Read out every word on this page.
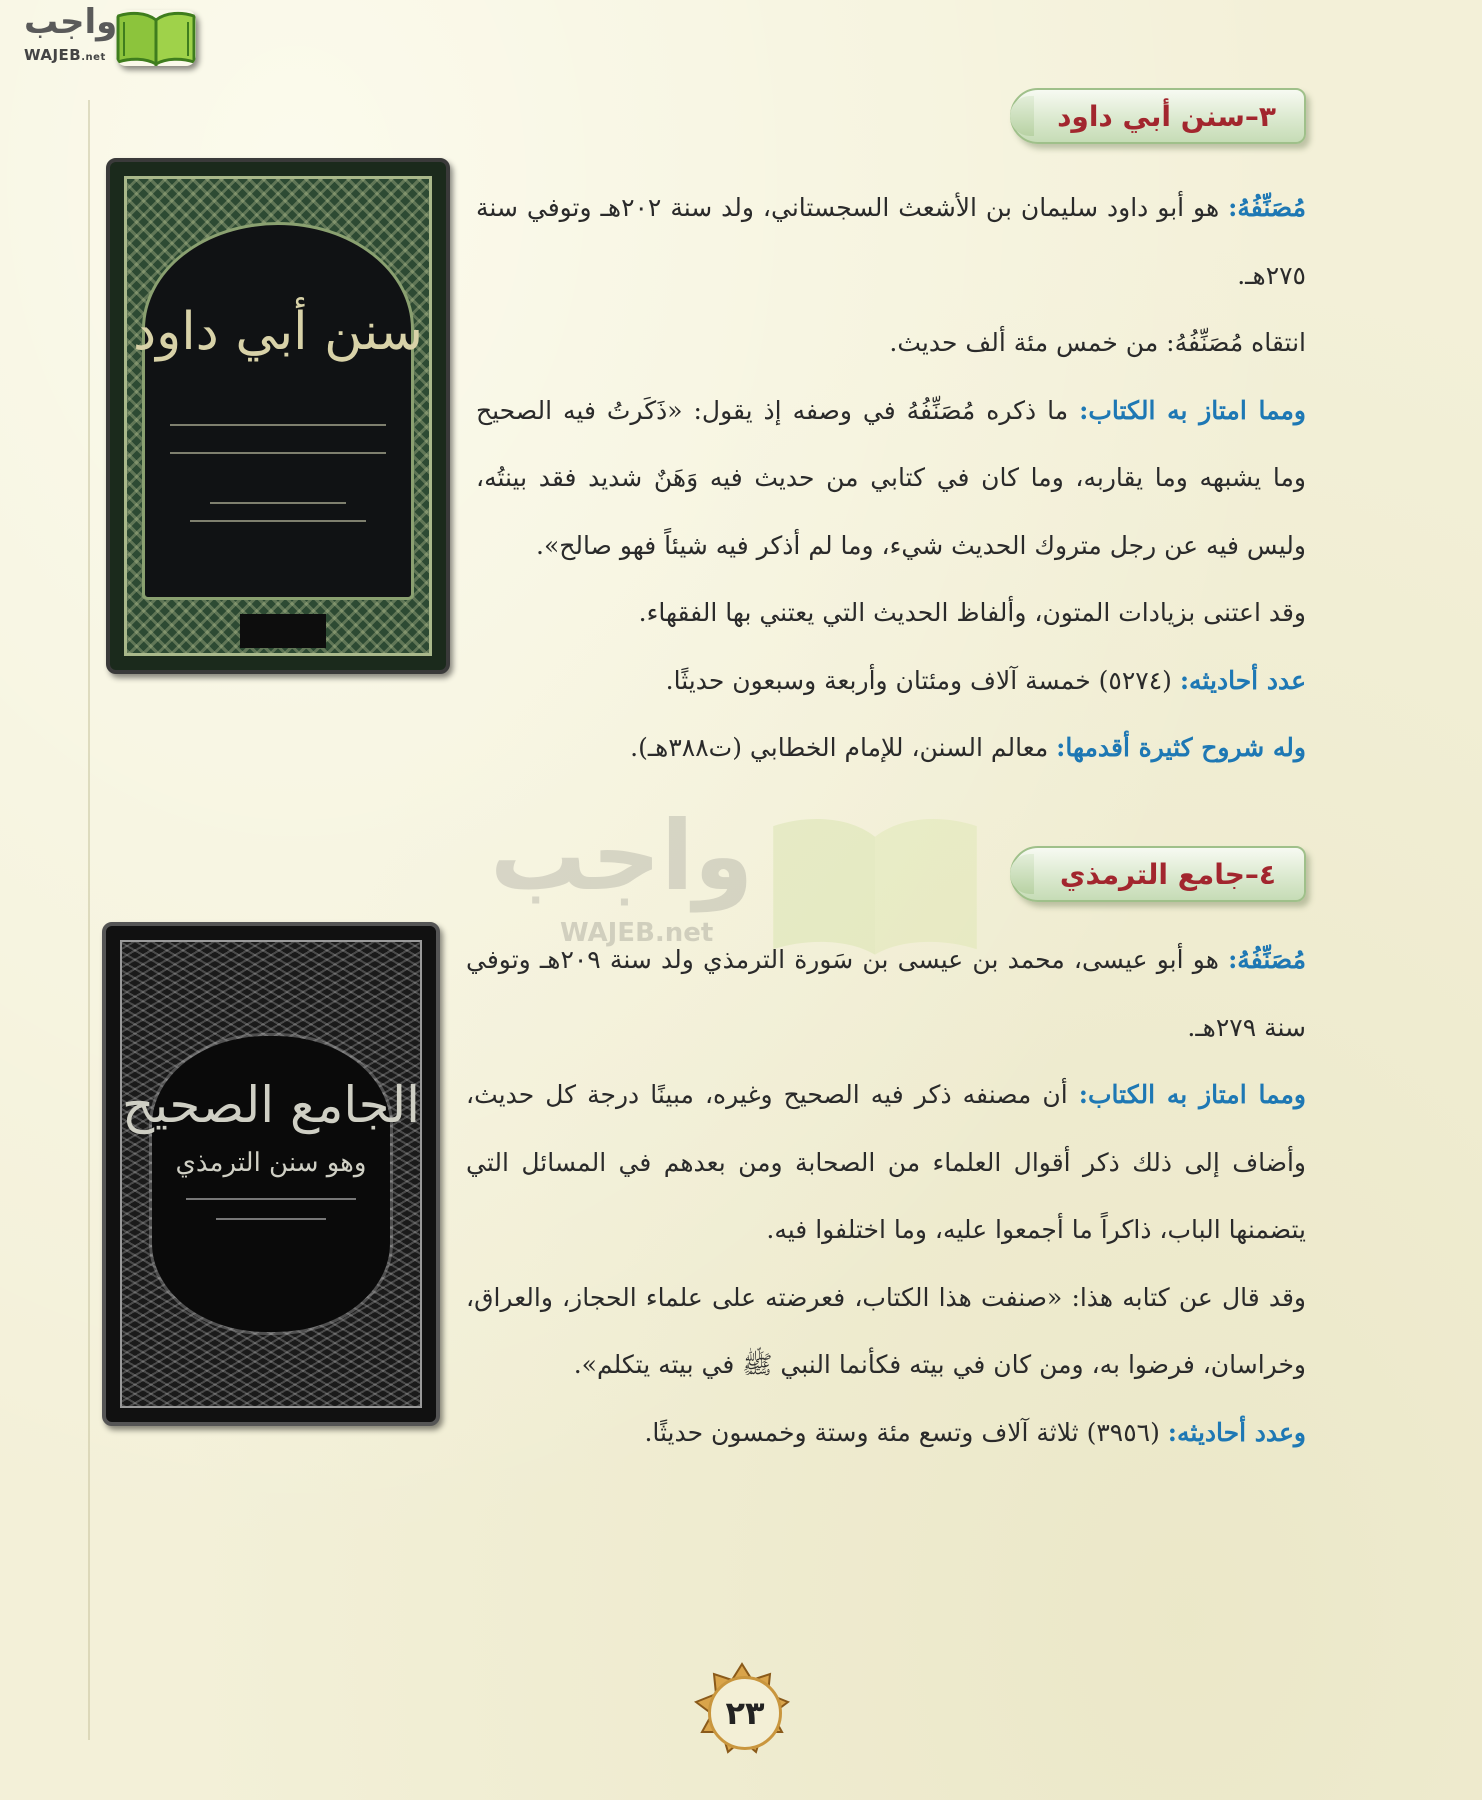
واجب
WAJEB.net
٣–سنن أبي داود
سنن أبي داود

مُصَنِّفُهُ: هو أبو داود سليمان بن الأشعث السجستاني، ولد سنة ٢٠٢هـ وتوفي سنة ٢٧٥هـ.

انتقاه مُصَنِّفُهُ: من خمس مئة ألف حديث.

ومما امتاز به الكتاب: ما ذكره مُصَنِّفُهُ في وصفه إذ يقول: «ذَكَرتُ فيه الصحيح وما يشبهه وما يقاربه، وما كان في كتابي من حديث فيه وَهَنٌ شديد فقد بينتُه، وليس فيه عن رجل متروك الحديث شيء، وما لم أذكر فيه شيئاً فهو صالح».

وقد اعتنى بزيادات المتون، وألفاظ الحديث التي يعتني بها الفقهاء.

عدد أحاديثه: (٥٢٧٤) خمسة آلاف ومئتان وأربعة وسبعون حديثًا.

وله شروح كثيرة أقدمها: معالم السنن، للإمام الخطابي (ت٣٨٨هـ).

واجب
WAJEB.net
٤–جامع الترمذي
الجامع الصحيح
وهو سنن الترمذي

مُصَنِّفُهُ: هو أبو عيسى، محمد بن عيسى بن سَورة الترمذي ولد سنة ٢٠٩هـ وتوفي سنة ٢٧٩هـ.

ومما امتاز به الكتاب: أن مصنفه ذكر فيه الصحيح وغيره، مبينًا درجة كل حديث، وأضاف إلى ذلك ذكر أقوال العلماء من الصحابة ومن بعدهم في المسائل التي يتضمنها الباب، ذاكراً ما أجمعوا عليه، وما اختلفوا فيه.

وقد قال عن كتابه هذا: «صنفت هذا الكتاب، فعرضته على علماء الحجاز، والعراق، وخراسان، فرضوا به، ومن كان في بيته فكأنما النبي ﷺ في بيته يتكلم».

وعدد أحاديثه: (٣٩٥٦) ثلاثة آلاف وتسع مئة وستة وخمسون حديثًا.

٢٣
